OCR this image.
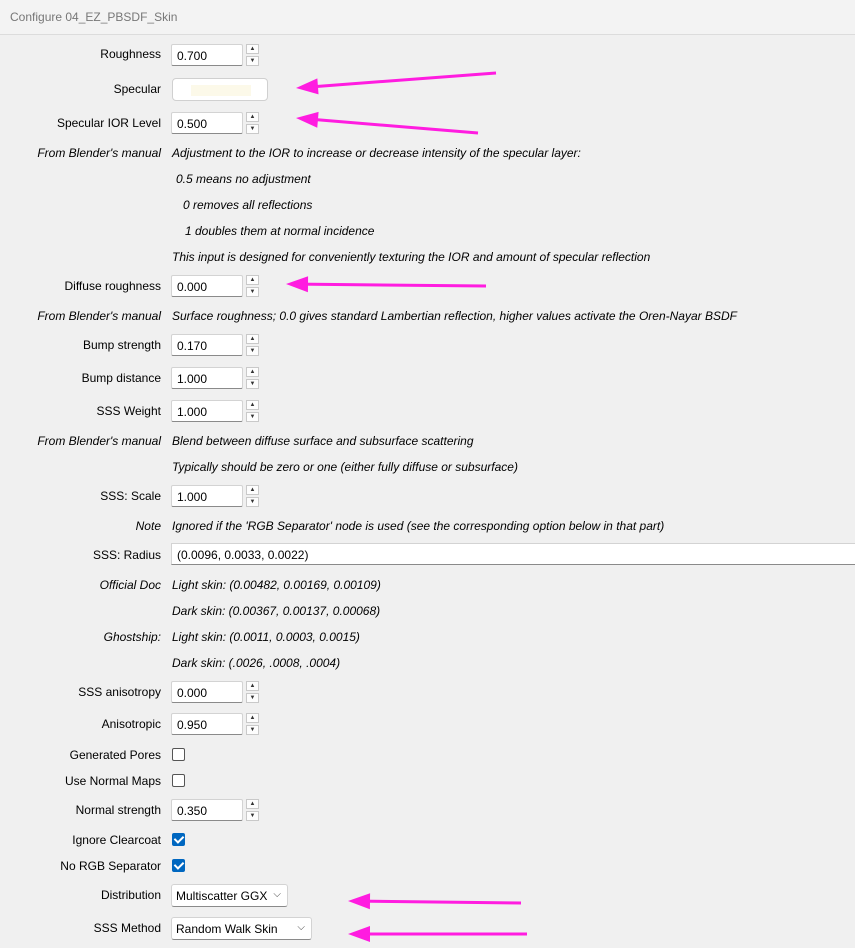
Configure 04_EZ_PBSDF_Skin
Roughness 0.700	▲
▼
Specular
Specular IOR Level 0.500	▲
▼
From Blender's manual Adjustment to the IOR to increase or decrease intensity of the specular layer:
0.5 means no adjustment
0 removes all reflections
1 doubles them at normal incidence
This input is designed for conveniently texturing the IOR and amount of specular reflection
Diffuse roughness 0.000	▲
▼
From Blender's manual Surface roughness; 0.0 gives standard Lambertian reflection, higher values activate the Oren-Nayar BSDF
Bump strength 0.170	▲
▼
Bump distance 1.000	▲
▼
SSS Weight 1.000	▲
▼
From Blender's manual Blend between diffuse surface and subsurface scattering
Typically should be zero or one (either fully diffuse or subsurface)
SSS: Scale 1.000	▲
▼
Note Ignored if the 'RGB Separator' node is used (see the corresponding option below in that part)
SSS: Radius (0.0096, 0.0033, 0.0022)
Official Doc Light skin: (0.00482, 0.00169, 0.00109)
Dark skin: (0.00367, 0.00137, 0.00068)
Ghostship: Light skin: (0.0011, 0.0003, 0.0015)
Dark skin: (.0026, .0008, .0004)
SSS anisotropy 0.000	▲
▼
Anisotropic 0.950	▲
▼
Generated Pores
Use Normal Maps
Normal strength 0.350	▲
▼
Ignore Clearcoat
No RGB Separator
Distribution Multiscatter GGX ⌵
SSS Method Random Walk Skin ⌵
